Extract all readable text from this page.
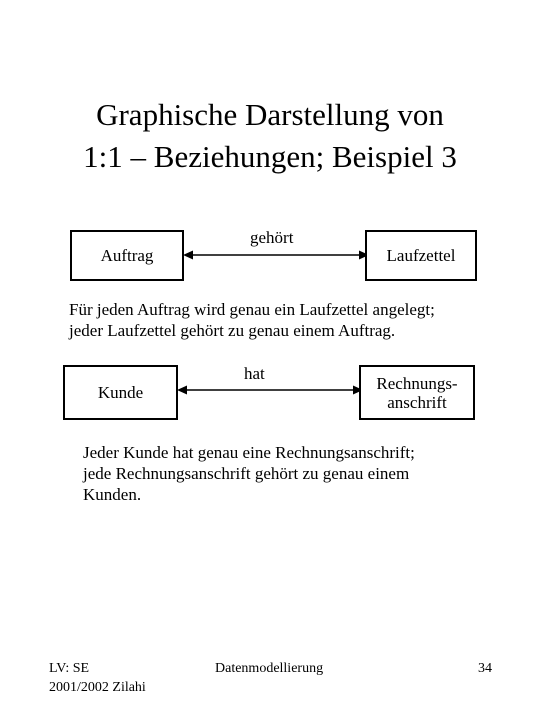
Graphische Darstellung von
1:1 – Beziehungen; Beispiel 3
Auftrag
gehört
Laufzettel

Für jeden Auftrag wird genau ein Laufzettel angelegt;
jeder Laufzettel gehört zu genau einem Auftrag.

Kunde
hat	Rechnungs-
anschrift

Jeder Kunde hat genau eine Rechnungsanschrift;
jede Rechnungsanschrift gehört zu genau einem
Kunden.

LV: SE
2001/2002 Zilahi
Datenmodellierung	34
